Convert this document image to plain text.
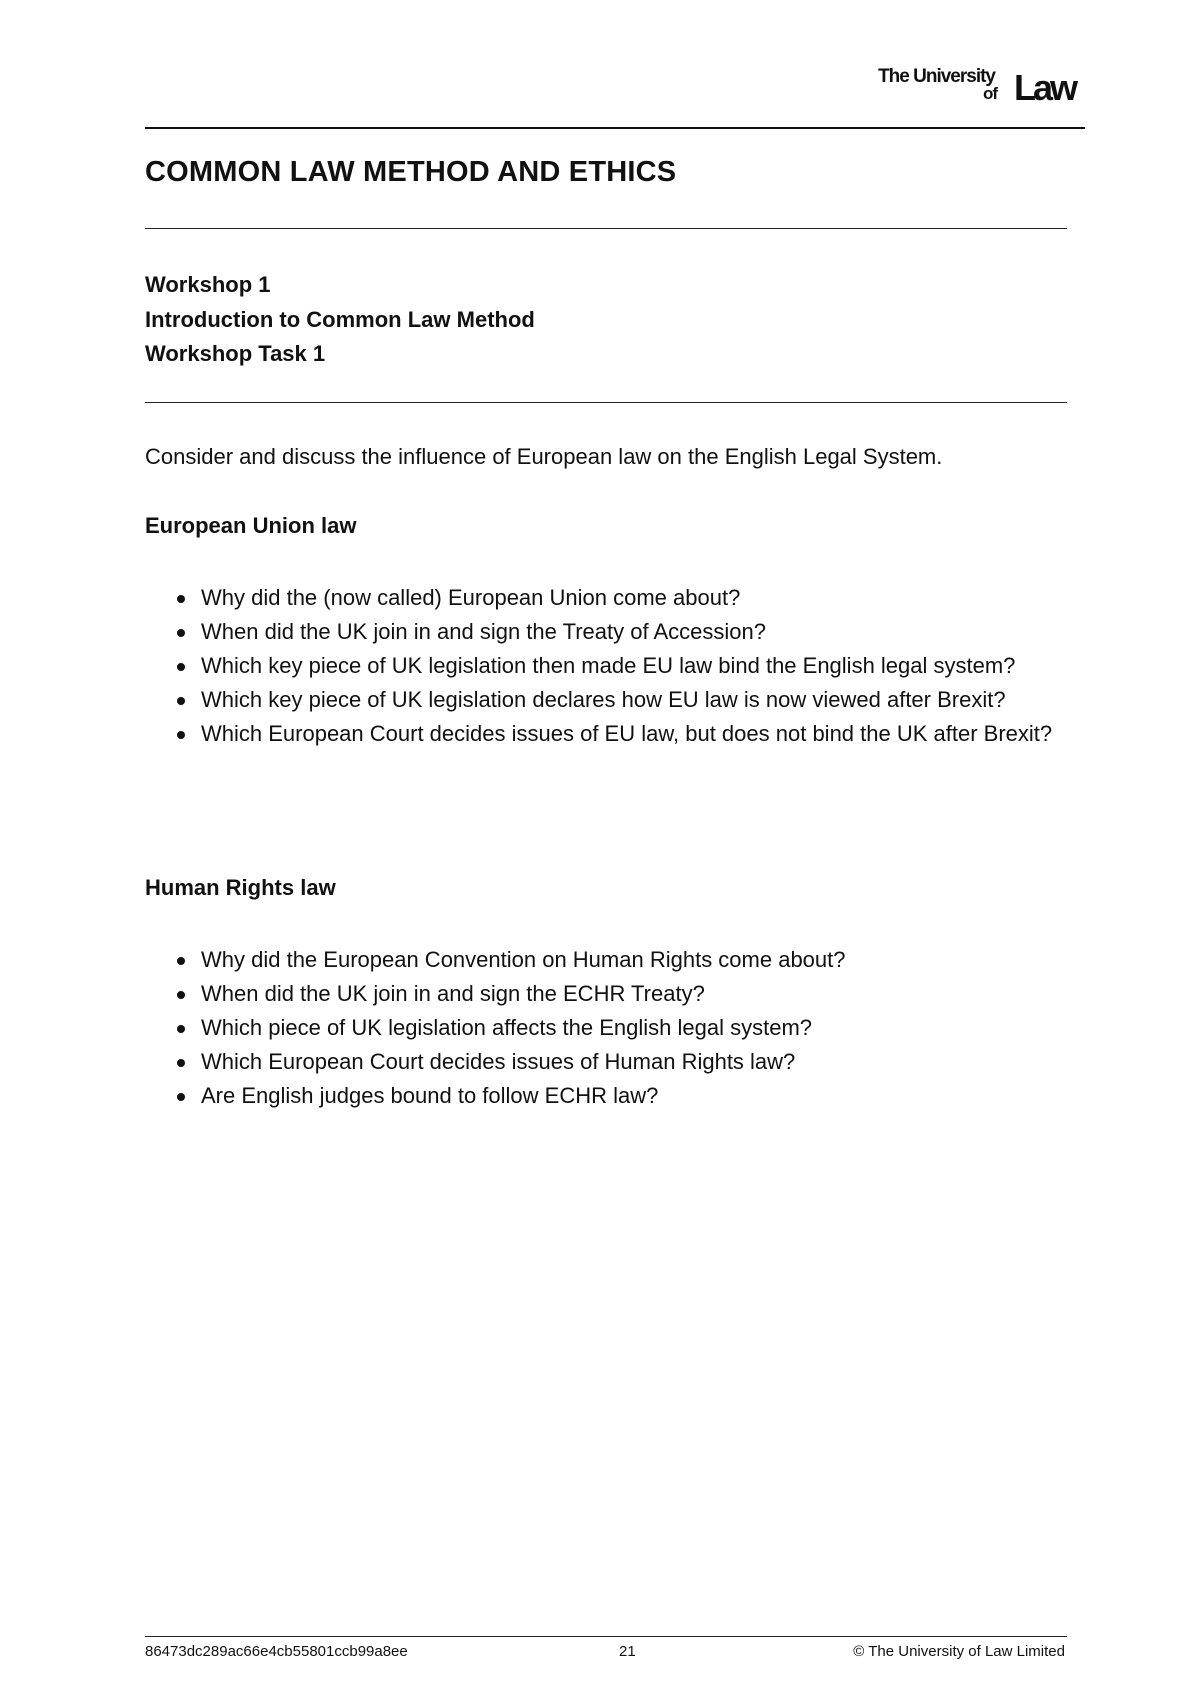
The University
of Law
COMMON LAW METHOD AND ETHICS
Workshop 1
Introduction to Common Law Method
Workshop Task 1
Consider and discuss the influence of European law on the English Legal System.
European Union law
Why did the (now called) European Union come about?
When did the UK join in and sign the Treaty of Accession?
Which key piece of UK legislation then made EU law bind the English legal system?
Which key piece of UK legislation declares how EU law is now viewed after Brexit?
Which European Court decides issues of EU law, but does not bind the UK after Brexit?
Human Rights law
Why did the European Convention on Human Rights come about?
When did the UK join in and sign the ECHR Treaty?
Which piece of UK legislation affects the English legal system?
Which European Court decides issues of Human Rights law?
Are English judges bound to follow ECHR law?
86473dc289ac66e4cb55801ccb99a8ee	21	© The University of Law Limited
